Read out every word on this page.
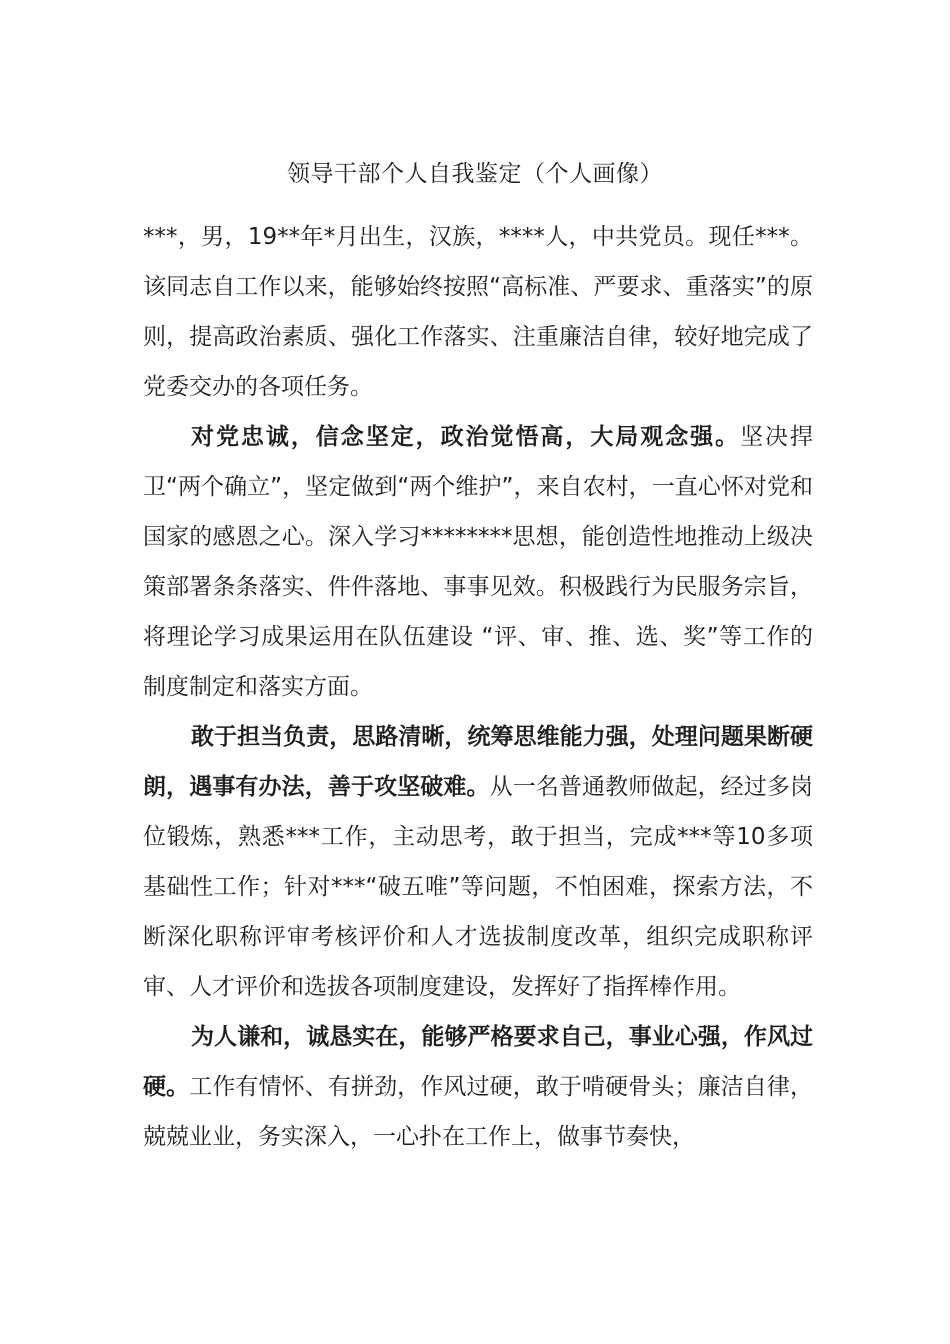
领导干部个人自我鉴定（个人画像）

***，男，19**年*月出生，汉族，****人，中共党员。现任***。该同志自工作以来，能够始终按照“高标准、严要求、重落实”的原则，提高政治素质、强化工作落实、注重廉洁自律，较好地完成了党委交办的各项任务。

对党忠诚，信念坚定，政治觉悟高，大局观念强。坚决捍卫“两个确立”，坚定做到“两个维护”，来自农村，一直心怀对党和国家的感恩之心。深入学习********思想，能创造性地推动上级决策部署条条落实、件件落地、事事见效。积极践行为民服务宗旨，将理论学习成果运用在队伍建设 “评、审、推、选、奖”等工作的制度制定和落实方面。

敢于担当负责，思路清晰，统筹思维能力强，处理问题果断硬朗，遇事有办法，善于攻坚破难。从一名普通教师做起，经过多岗位锻炼，熟悉***工作，主动思考，敢于担当，完成***等10多项基础性工作；针对***“破五唯”等问题，不怕困难，探索方法，不断深化职称评审考核评价和人才选拔制度改革，组织完成职称评审、人才评价和选拔各项制度建设，发挥好了指挥棒作用。

为人谦和，诚恳实在，能够严格要求自己，事业心强，作风过硬。工作有情怀、有拼劲，作风过硬，敢于啃硬骨头；廉洁自律，兢兢业业，务实深入，一心扑在工作上，做事节奏快，
